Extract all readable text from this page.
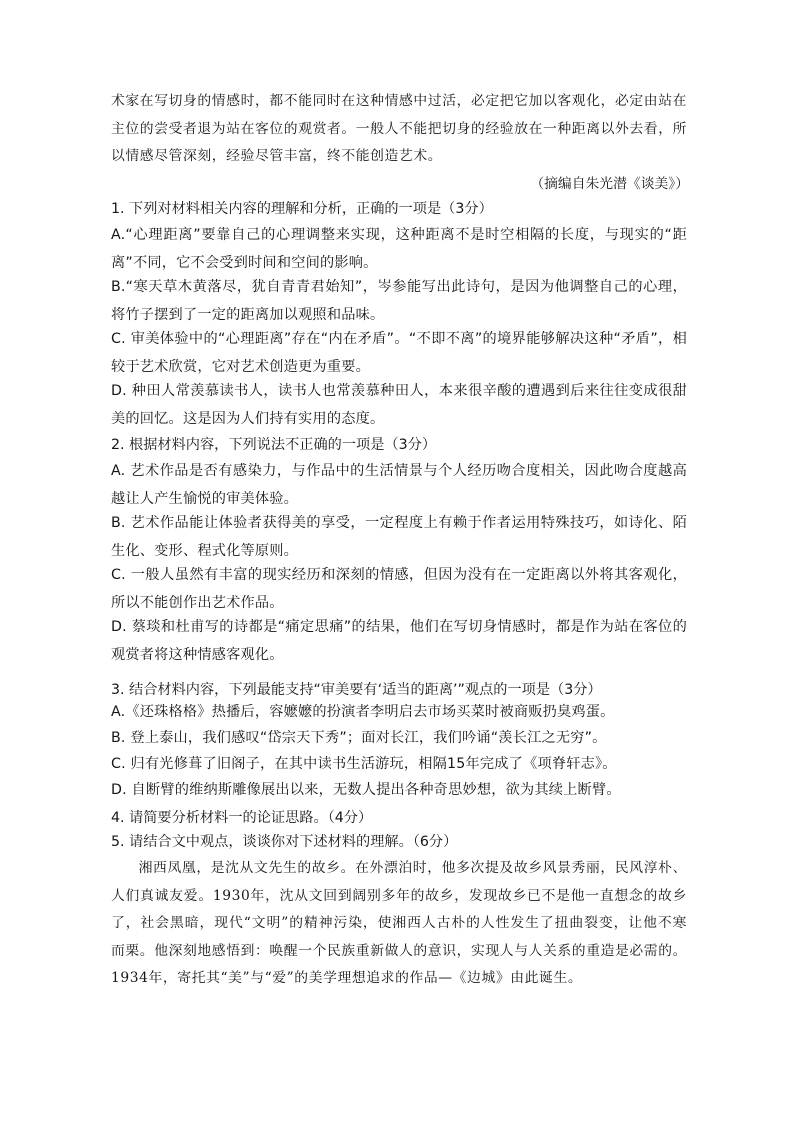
术家在写切身的情感时，都不能同时在这种情感中过活，必定把它加以客观化，必定由站在主位的尝受者退为站在客位的观赏者。一般人不能把切身的经验放在一种距离以外去看，所以情感尽管深刻，经验尽管丰富，终不能创造艺术。
（摘编自朱光潜《谈美》）
1. 下列对材料相关内容的理解和分析，正确的一项是（3分）
A.“心理距离”要靠自己的心理调整来实现，这种距离不是时空相隔的长度，与现实的“距离”不同，它不会受到时间和空间的影响。
B.“寒天草木黄落尽，犹自青青君始知”，岑参能写出此诗句，是因为他调整自己的心理，将竹子摆到了一定的距离加以观照和品味。
C. 审美体验中的“心理距离”存在“内在矛盾”。“不即不离”的境界能够解决这种“矛盾”，相较于艺术欣赏，它对艺术创造更为重要。
D. 种田人常羡慕读书人，读书人也常羡慕种田人，本来很辛酸的遭遇到后来往往变成很甜美的回忆。这是因为人们持有实用的态度。
2. 根据材料内容，下列说法不正确的一项是（3分）
A. 艺术作品是否有感染力，与作品中的生活情景与个人经历吻合度相关，因此吻合度越高越让人产生愉悦的审美体验。
B. 艺术作品能让体验者获得美的享受，一定程度上有赖于作者运用特殊技巧，如诗化、陌生化、变形、程式化等原则。
C. 一般人虽然有丰富的现实经历和深刻的情感，但因为没有在一定距离以外将其客观化，所以不能创作出艺术作品。
D. 蔡琰和杜甫写的诗都是“痛定思痛”的结果，他们在写切身情感时，都是作为站在客位的观赏者将这种情感客观化。
3. 结合材料内容，下列最能支持“审美要有‘适当的距离’”观点的一项是（3分）
A.《还珠格格》热播后，容嬷嬷的扮演者李明启去市场买菜时被商贩扔臭鸡蛋。
B. 登上泰山，我们感叹“岱宗天下秀”；面对长江，我们吟诵“羡长江之无穷”。
C. 归有光修葺了旧阁子，在其中读书生活游玩，相隔15年完成了《项脊轩志》。
D. 自断臂的维纳斯雕像展出以来，无数人提出各种奇思妙想，欲为其续上断臂。
4. 请简要分析材料一的论证思路。（4分）
5. 请结合文中观点，谈谈你对下述材料的理解。（6分）
湘西凤凰，是沈从文先生的故乡。在外漂泊时，他多次提及故乡风景秀丽，民风淳朴、人们真诚友爱。1930年，沈从文回到阔别多年的故乡，发现故乡已不是他一直想念的故乡了，社会黑暗，现代“文明”的精神污染，使湘西人古朴的人性发生了扭曲裂变，让他不寒而栗。他深刻地感悟到：唤醒一个民族重新做人的意识，实现人与人关系的重造是必需的。1934年，寄托其“美”与“爱”的美学理想追求的作品—《边城》由此诞生。
